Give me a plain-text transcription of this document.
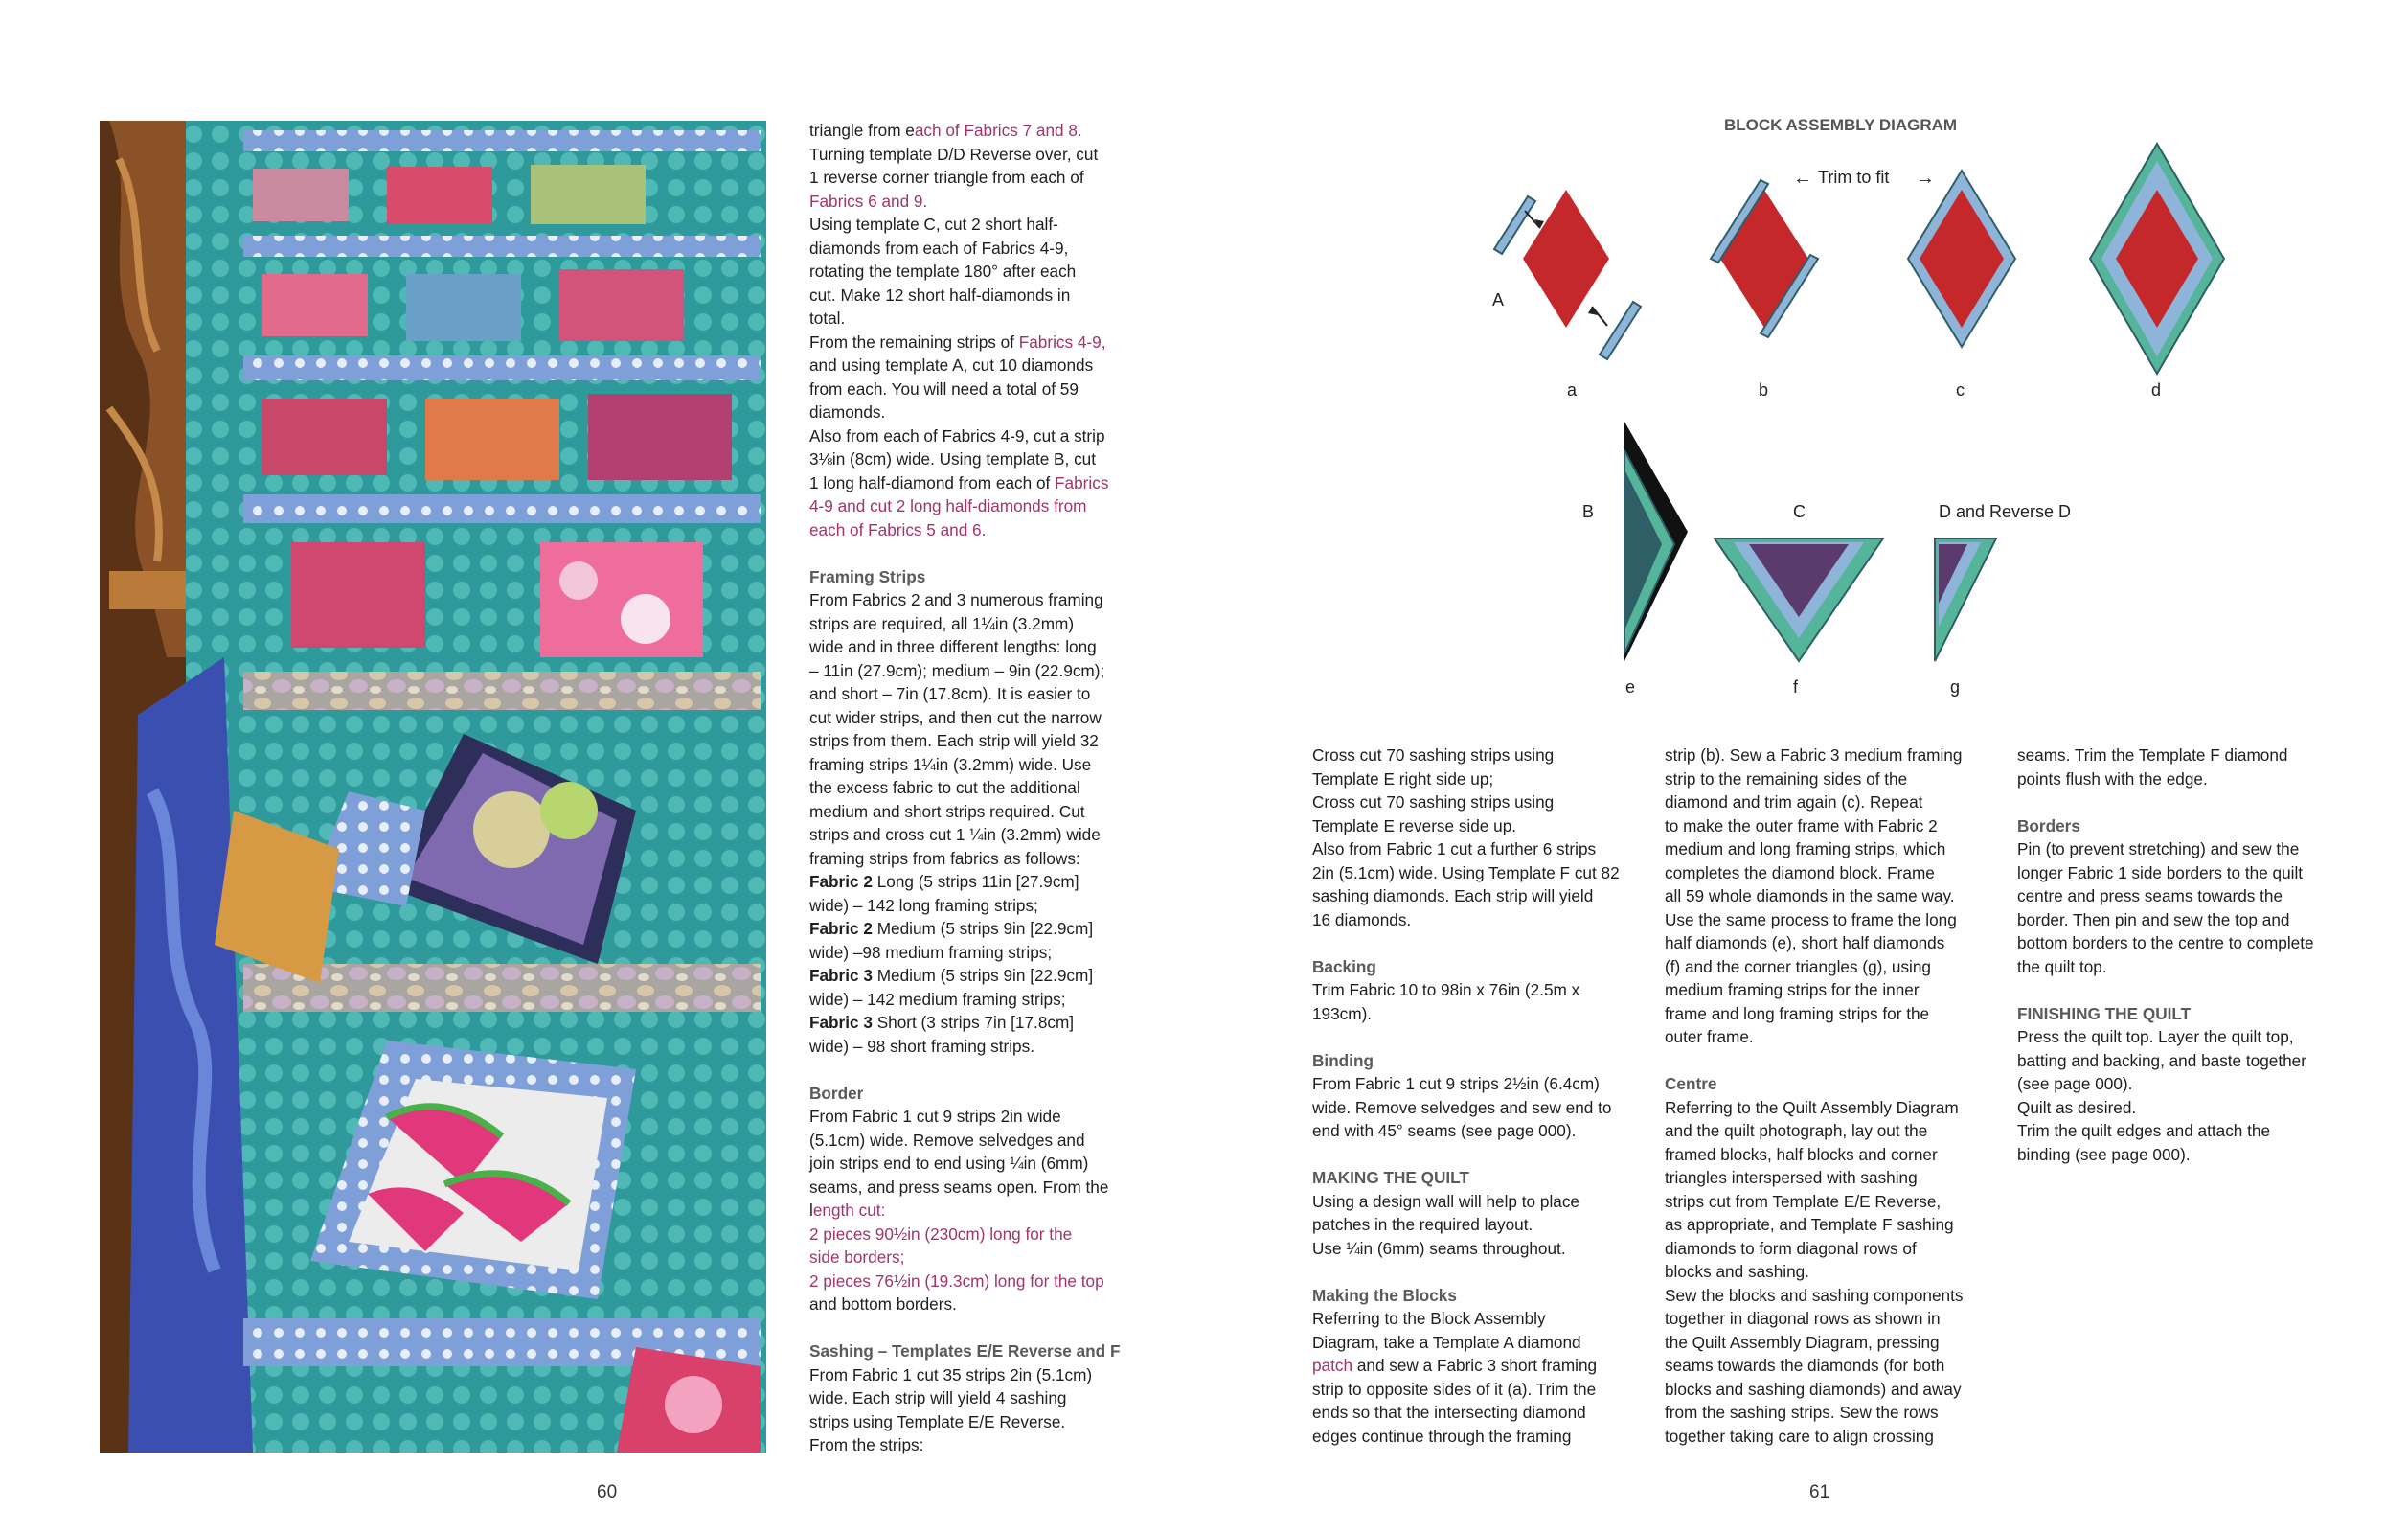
triangle from each of Fabrics 7 and 8.

Turning template D/D Reverse over, cut

1 reverse corner triangle from each of

Fabrics 6 and 9.

Using template C, cut 2 short half-

diamonds from each of Fabrics 4-9,

rotating the template 180° after each

cut. Make 12 short half-diamonds in

total.

From the remaining strips of Fabrics 4-9,

and using template A, cut 10 diamonds

from each. You will need a total of 59

diamonds.

Also from each of Fabrics 4-9, cut a strip

3⅛in (8cm) wide. Using template B, cut

1 long half-diamond from each of Fabrics

4-9 and cut 2 long half-diamonds from

each of Fabrics 5 and 6.

Framing Strips

From Fabrics 2 and 3 numerous framing

strips are required, all 1¼in (3.2mm)

wide and in three different lengths: long

– 11in (27.9cm); medium – 9in (22.9cm);

and short – 7in (17.8cm). It is easier to

cut wider strips, and then cut the narrow

strips from them. Each strip will yield 32

framing strips 1¼in (3.2mm) wide. Use

the excess fabric to cut the additional

medium and short strips required. Cut

strips and cross cut 1 ¼in (3.2mm) wide

framing strips from fabrics as follows:

Fabric 2 Long (5 strips 11in [27.9cm]

wide) – 142 long framing strips;

Fabric 2 Medium (5 strips 9in [22.9cm]

wide) –98 medium framing strips;

Fabric 3 Medium (5 strips 9in [22.9cm]

wide) – 142 medium framing strips;

Fabric 3 Short (3 strips 7in [17.8cm]

wide) – 98 short framing strips.

Border

From Fabric 1 cut 9 strips 2in wide

(5.1cm) wide. Remove selvedges and

join strips end to end using ¼in (6mm)

seams, and press seams open. From the

length cut:

2 pieces 90½in (230cm) long for the

side borders;

2 pieces 76½in (19.3cm) long for the top

and bottom borders.

Sashing – Templates E/E Reverse and F

From Fabric 1 cut 35 strips 2in (5.1cm)

wide. Each strip will yield 4 sashing

strips using Template E/E Reverse.

From the strips:

60
BLOCK ASSEMBLY DIAGRAM
A
a	b
← Trim to fit →
c	d
B
e
C
f
D and Reverse D
g

Cross cut 70 sashing strips using

Template E right side up;

Cross cut 70 sashing strips using

Template E reverse side up.

Also from Fabric 1 cut a further 6 strips

2in (5.1cm) wide. Using Template F cut 82

sashing diamonds. Each strip will yield

16 diamonds.

Backing

Trim Fabric 10 to 98in x 76in (2.5m x

193cm).

Binding

From Fabric 1 cut 9 strips 2½in (6.4cm)

wide. Remove selvedges and sew end to

end with 45° seams (see page 000).

MAKING THE QUILT

Using a design wall will help to place

patches in the required layout.

Use ¼in (6mm) seams throughout.

Making the Blocks

Referring to the Block Assembly

Diagram, take a Template A diamond

patch and sew a Fabric 3 short framing

strip to opposite sides of it (a). Trim the

ends so that the intersecting diamond

edges continue through the framing

strip (b). Sew a Fabric 3 medium framing

strip to the remaining sides of the

diamond and trim again (c). Repeat

to make the outer frame with Fabric 2

medium and long framing strips, which

completes the diamond block. Frame

all 59 whole diamonds in the same way.

Use the same process to frame the long

half diamonds (e), short half diamonds

(f) and the corner triangles (g), using

medium framing strips for the inner

frame and long framing strips for the

outer frame.

Centre

Referring to the Quilt Assembly Diagram

and the quilt photograph, lay out the

framed blocks, half blocks and corner

triangles interspersed with sashing

strips cut from Template E/E Reverse,

as appropriate, and Template F sashing

diamonds to form diagonal rows of

blocks and sashing.

Sew the blocks and sashing components

together in diagonal rows as shown in

the Quilt Assembly Diagram, pressing

seams towards the diamonds (for both

blocks and sashing diamonds) and away

from the sashing strips. Sew the rows

together taking care to align crossing

seams. Trim the Template F diamond

points flush with the edge.

Borders

Pin (to prevent stretching) and sew the

longer Fabric 1 side borders to the quilt

centre and press seams towards the

border. Then pin and sew the top and

bottom borders to the centre to complete

the quilt top.

FINISHING THE QUILT

Press the quilt top. Layer the quilt top,

batting and backing, and baste together

(see page 000).

Quilt as desired.

Trim the quilt edges and attach the

binding (see page 000).

61
